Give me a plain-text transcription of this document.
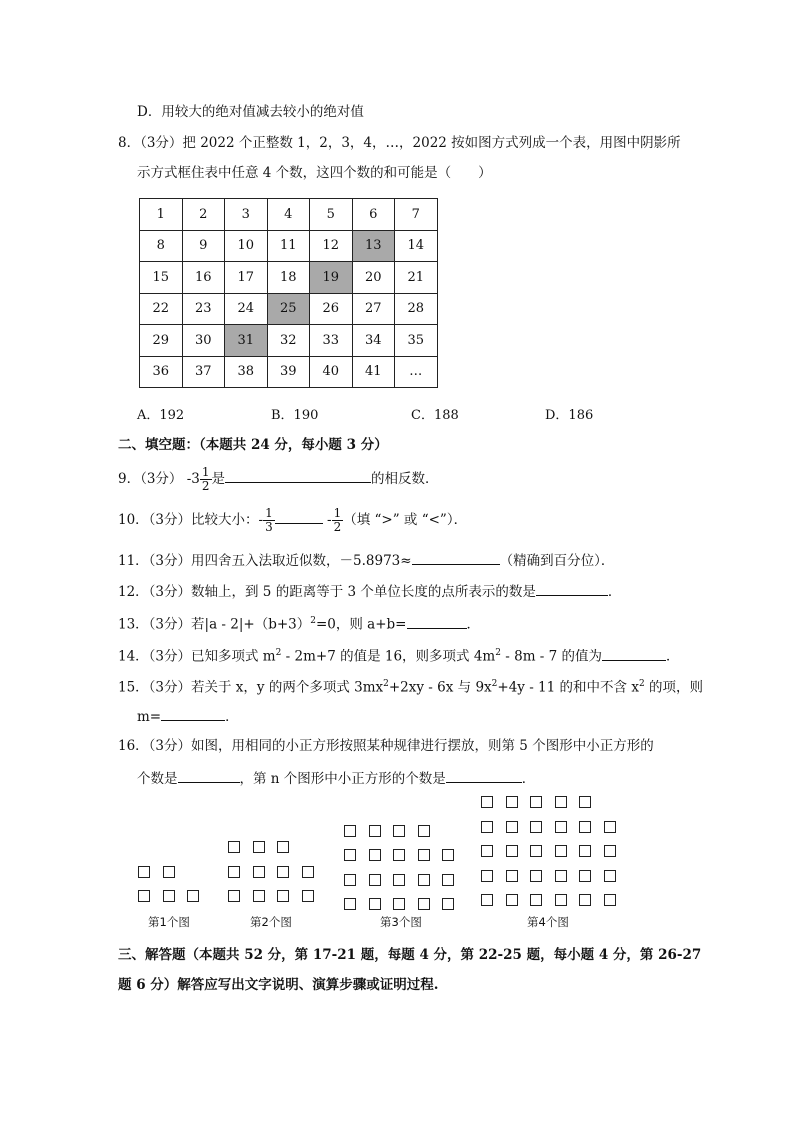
D．用较大的绝对值减去较小的绝对值
8．（3分）把 2022 个正整数 1，2，3，4，…，2022 按如图方式列成一个表，用图中阴影所
示方式框住表中任意 4 个数，这四个数的和可能是（　　）
1	2	3	4	5	6	7
8	9	10	11	12	13	14
15	16	17	18	19	20	21
22	23	24	25	26	27	28
29	30	31	32	33	34	35
36	37	38	39	40	41	…
A．192	B．190	C．188	D．186
二、填空题：（本题共 24 分，每小题 3 分）
9．（3分） $-3 \frac{1}{2}$ 是	的相反数．
10．（3分）比较大小：- $\frac{1}{3}$	- $\frac{1}{2}$ （填 “>” 或 “<”）．
11．（3分）用四舍五入法取近似数，－5.8973≈	（精确到百分位）．
12．（3分）数轴上，到 5 的距离等于 3 个单位长度的点所表示的数是	．
13．（3分）若$|a - 2|+(b+3)^2=0$，则 a+b=	．
14．（3分）已知多项式 $m^2 - 2m+7$ 的值是 16，则多项式 $4m^2 - 8m - 7$ 的值为	．
15．（3分）若关于 x，y 的两个多项式 $3mx^2+2xy - 6x$ 与 $9x^2+4y - 11$ 的和中不含 $x^2$ 的项，则
m=	．
16．（3分）如图，用相同的小正方形按照某种规律进行摆放，则第 5 个图形中小正方形的
个数是	，第 n 个图形中小正方形的个数是	．
第1个图	第2个图	第3个图	第4个图
三、解答题（本题共 52 分，第 17-21 题，每题 4 分，第 22-25 题，每小题 4 分，第 26-27
题 6 分）解答应写出文字说明、演算步骤或证明过程.
